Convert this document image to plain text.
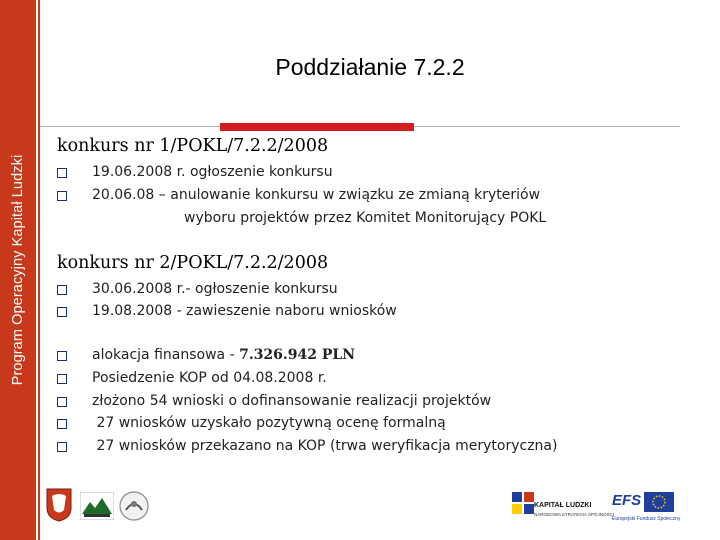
Program Operacyjny Kapitał Ludzki
Poddziałanie 7.2.2
konkurs nr 1/POKL/7.2.2/2008
19.06.2008 r. ogłoszenie konkursu
20.06.08 – anulowanie konkursu w związku ze zmianą kryteriów
wyboru projektów przez Komitet Monitorujący POKL
konkurs nr 2/POKL/7.2.2/2008
30.06.2008 r.- ogłoszenie konkursu
19.08.2008 - zawieszenie naboru wniosków
alokacja finansowa - 7.326.942 PLN
Posiedzenie KOP od 04.08.2008 r.
złożono 54 wnioski o dofinansowanie realizacji projektów
27 wniosków uzyskało pozytywną ocenę formalną
27 wniosków przekazano na KOP (trwa weryfikacja merytoryczna)
KAPITAŁ LUDZKI
NARODOWA STRATEGIA SPÓJNOŚCI
EFS
Europejski Fundusz Społeczny
